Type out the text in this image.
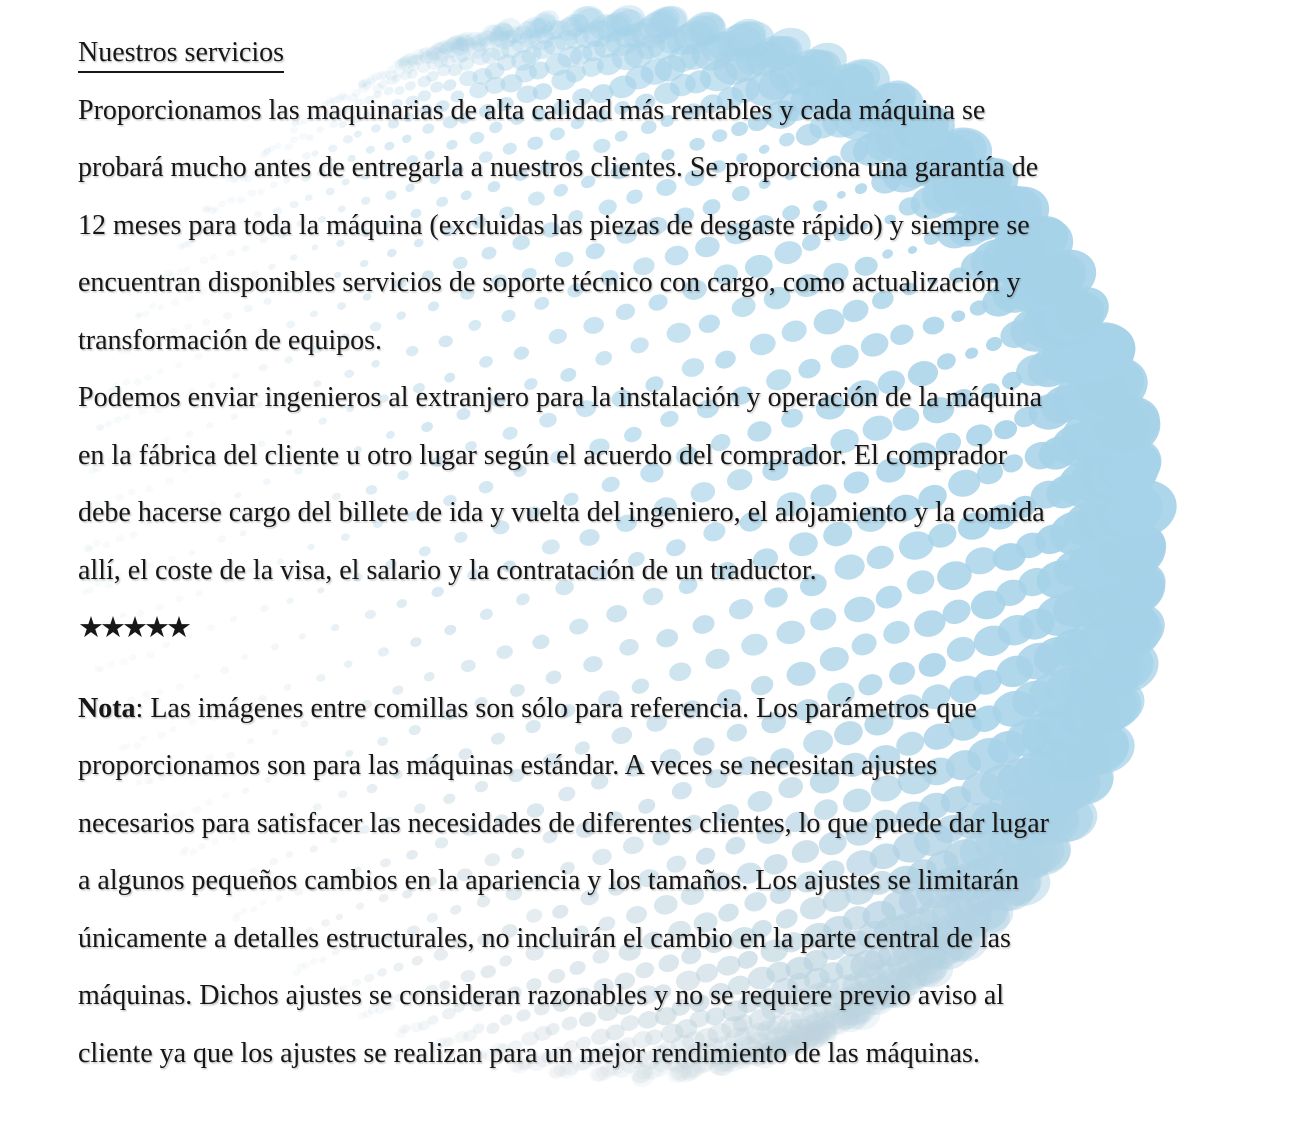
Nuestros servicios
Proporcionamos las maquinarias de alta calidad más rentables y cada máquina se
probará mucho antes de entregarla a nuestros clientes. Se proporciona una garantía de
12 meses para toda la máquina (excluidas las piezas de desgaste rápido) y siempre se
encuentran disponibles servicios de soporte técnico con cargo, como actualización y
transformación de equipos.
Podemos enviar ingenieros al extranjero para la instalación y operación de la máquina
en la fábrica del cliente u otro lugar según el acuerdo del comprador. El comprador
debe hacerse cargo del billete de ida y vuelta del ingeniero, el alojamiento y la comida
allí, el coste de la visa, el salario y la contratación de un traductor.
★★★★★
Nota: Las imágenes entre comillas son sólo para referencia. Los parámetros que
proporcionamos son para las máquinas estándar. A veces se necesitan ajustes
necesarios para satisfacer las necesidades de diferentes clientes, lo que puede dar lugar
a algunos pequeños cambios en la apariencia y los tamaños. Los ajustes se limitarán
únicamente a detalles estructurales, no incluirán el cambio en la parte central de las
máquinas. Dichos ajustes se consideran razonables y no se requiere previo aviso al
cliente ya que los ajustes se realizan para un mejor rendimiento de las máquinas.
